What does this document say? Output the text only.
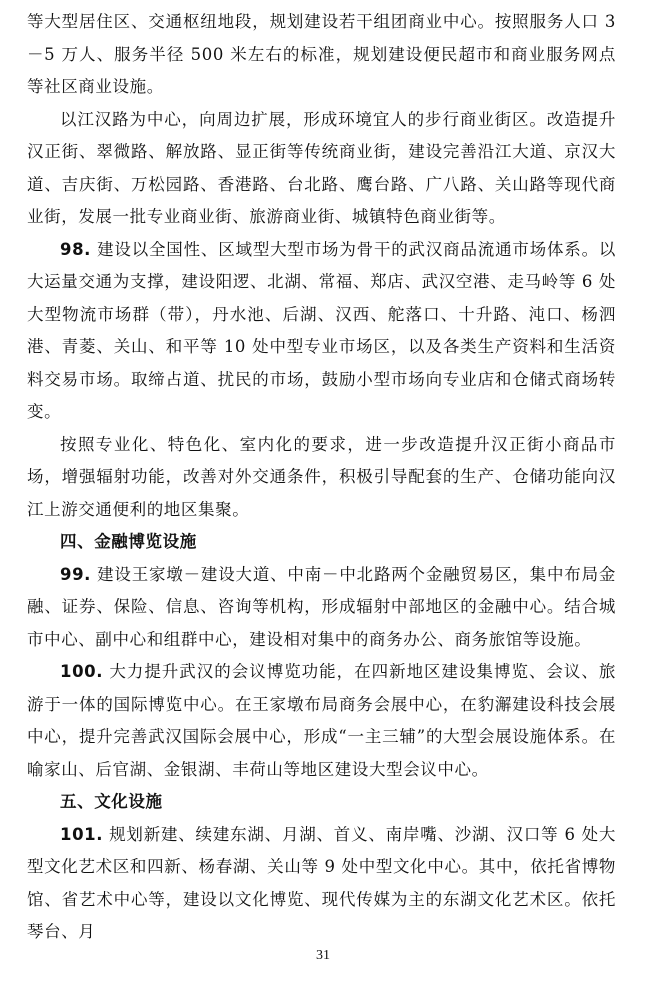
等大型居住区、交通枢纽地段，规划建设若干组团商业中心。按照服务人口 3－5 万人、服务半径 500 米左右的标准，规划建设便民超市和商业服务网点等社区商业设施。

以江汉路为中心，向周边扩展，形成环境宜人的步行商业街区。改造提升汉正街、翠微路、解放路、显正街等传统商业街，建设完善沿江大道、京汉大道、吉庆街、万松园路、香港路、台北路、鹰台路、广八路、关山路等现代商业街，发展一批专业商业街、旅游商业街、城镇特色商业街等。

98. 建设以全国性、区域型大型市场为骨干的武汉商品流通市场体系。以大运量交通为支撑，建设阳逻、北湖、常福、郑店、武汉空港、走马岭等 6 处大型物流市场群（带），丹水池、后湖、汉西、舵落口、十升路、沌口、杨泗港、青菱、关山、和平等 10 处中型专业市场区，以及各类生产资料和生活资料交易市场。取缔占道、扰民的市场，鼓励小型市场向专业店和仓储式商场转变。

按照专业化、特色化、室内化的要求，进一步改造提升汉正街小商品市场，增强辐射功能，改善对外交通条件，积极引导配套的生产、仓储功能向汉江上游交通便利的地区集聚。

四、金融博览设施

99. 建设王家墩－建设大道、中南－中北路两个金融贸易区，集中布局金融、证券、保险、信息、咨询等机构，形成辐射中部地区的金融中心。结合城市中心、副中心和组群中心，建设相对集中的商务办公、商务旅馆等设施。

100. 大力提升武汉的会议博览功能，在四新地区建设集博览、会议、旅游于一体的国际博览中心。在王家墩布局商务会展中心，在豹澥建设科技会展中心，提升完善武汉国际会展中心，形成“一主三辅”的大型会展设施体系。在喻家山、后官湖、金银湖、丰荷山等地区建设大型会议中心。

五、文化设施

101. 规划新建、续建东湖、月湖、首义、南岸嘴、沙湖、汉口等 6 处大型文化艺术区和四新、杨春湖、关山等 9 处中型文化中心。其中，依托省博物馆、省艺术中心等，建设以文化博览、现代传媒为主的东湖文化艺术区。依托琴台、月

31
